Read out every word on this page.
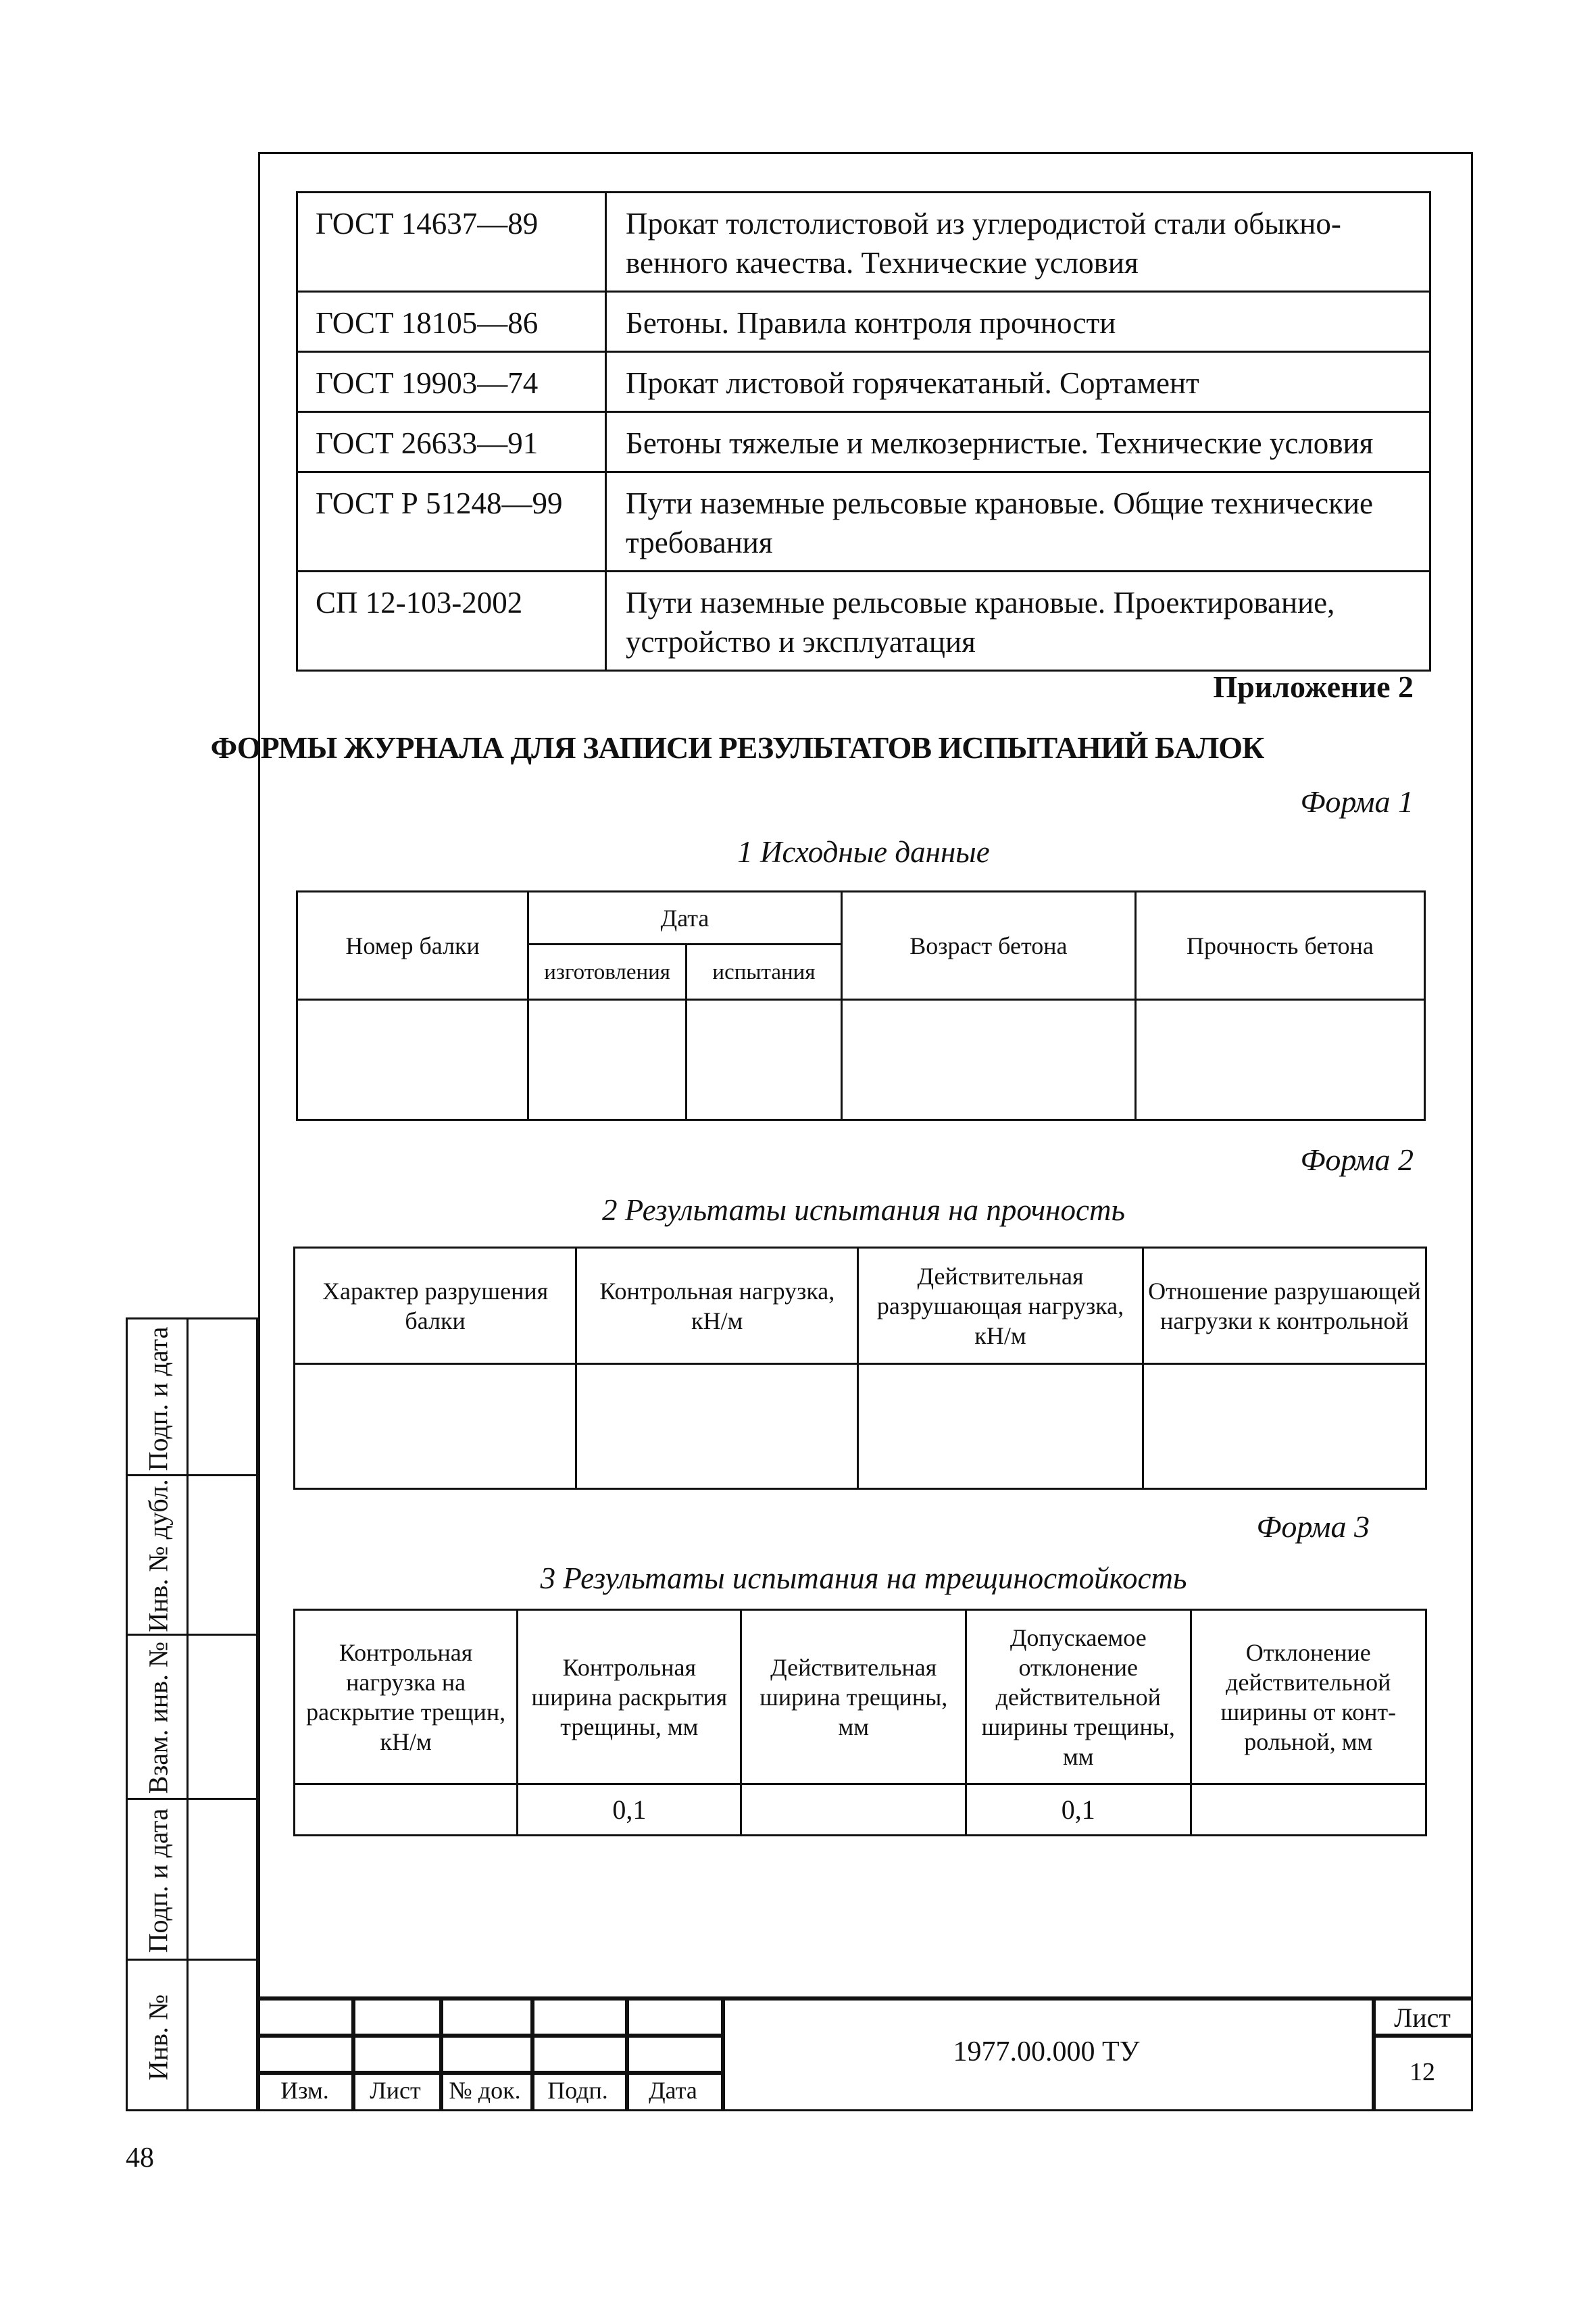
ГОСТ 14637—89	Прокат толстолистовой из углеродистой стали обыкно-венного качества. Технические условия
ГОСТ 18105—86	Бетоны. Правила контроля прочности
ГОСТ 19903—74	Прокат листовой горячекатаный. Сортамент
ГОСТ 26633—91	Бетоны тяжелые и мелкозернистые. Технические условия
ГОСТ Р 51248—99	Пути наземные рельсовые крановые. Общие технические требования
СП 12-103-2002	Пути наземные рельсовые крановые. Проектирование, устройство и эксплуатация
Приложение 2
ФОРМЫ ЖУРНАЛА ДЛЯ ЗАПИСИ РЕЗУЛЬТАТОВ ИСПЫТАНИЙ БАЛОК
Форма 1
1 Исходные данные
Номер балки	Дата		Возраст бетона	Прочность бетона
	изготовления	испытания		

Форма 2
2 Результаты испытания на прочность
Характер разрушения балки	Контрольная нагрузка, кН/м	Действительная разрушающая нагрузка, кН/м	Отношение разрушающей нагрузки к контрольной

Форма 3
3 Результаты испытания на трещиностойкость
Контрольная нагрузка на раскрытие трещин, кН/м	Контрольная ширина раскрытия трещины, мм	Действительная ширина трещины, мм	Допускаемое отклонение действительной ширины трещины, мм	Отклонение действительной ширины от конт-рольной, мм
	0,1		0,1	
Подп. и дата
Инв. № дубл.
Взам. инв. №
Подп. и дата
Инв. №
Изм.	Лист	№ док.	Подп.	Дата
1977.00.000 ТУ
Лист
12
48
